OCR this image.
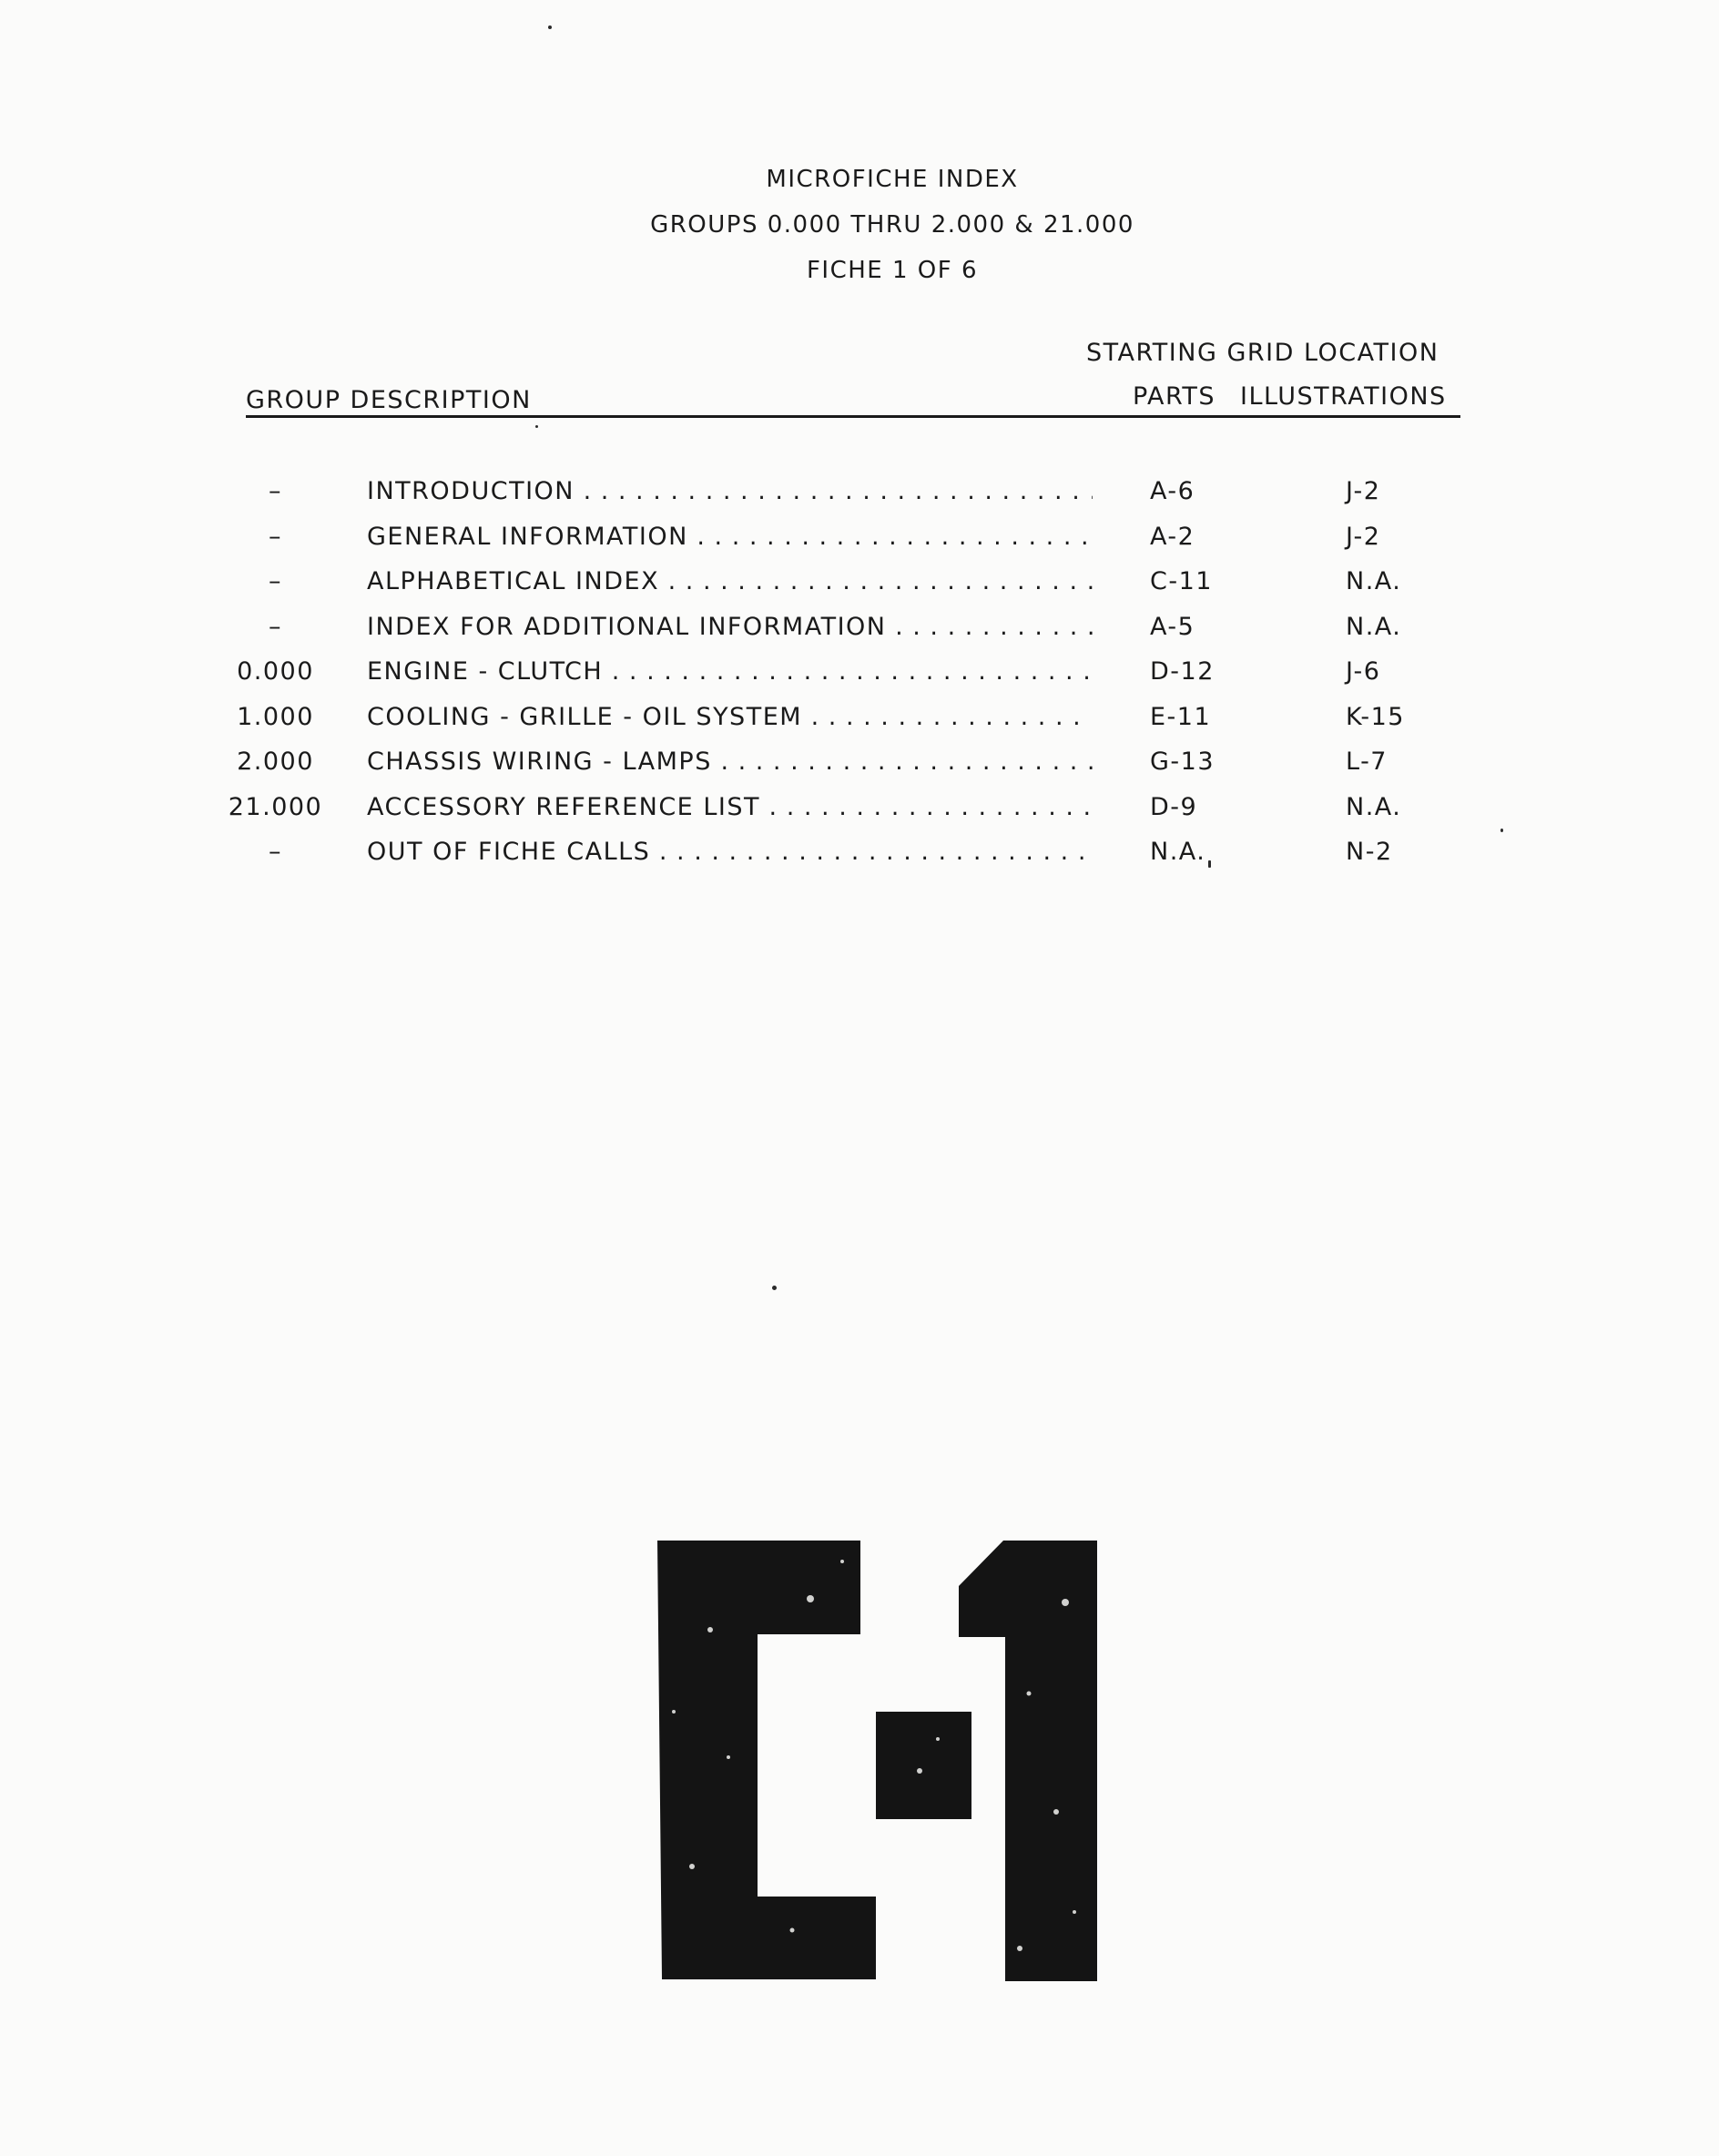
MICROFICHE INDEX
GROUPS 0.000 THRU 2.000 & 21.000
FICHE 1 OF 6
STARTING GRID LOCATION
GROUP DESCRIPTION	PARTS ILLUSTRATIONS
–	INTRODUCTION . . .	A-6	J-2
–	GENERAL INFORMATION . . .	A-2	J-2
–	ALPHABETICAL INDEX . . .	C-11	N.A.
–	INDEX FOR ADDITIONAL INFORMATION . . .	A-5	N.A.
0.000	ENGINE - CLUTCH . . .	D-12	J-6
1.000	COOLING - GRILLE - OIL SYSTEM . . .	E-11	K-15
2.000	CHASSIS WIRING - LAMPS . . .	G-13	L-7
21.000	ACCESSORY REFERENCE LIST . . .	D-9	N.A.
–	OUT OF FICHE CALLS . . .	N.A.	N-2
